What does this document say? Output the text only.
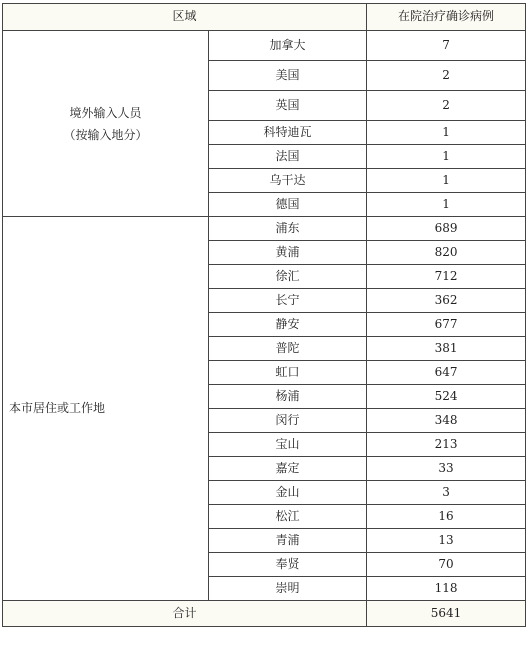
区域		在院治疗确诊病例

境外输入人员
（按输入地分）	加拿大	7
	美国	2
	英国	2
	科特迪瓦	1
	法国	1
	乌干达	1
	德国	1
本市居住或工作地	浦东	689
	黄浦	820
	徐汇	712
	长宁	362
	静安	677
	普陀	381
	虹口	647
	杨浦	524
	闵行	348
	宝山	213
	嘉定	33
	金山	3
	松江	16
	青浦	13
	奉贤	70
	崇明	118
合计		5641
